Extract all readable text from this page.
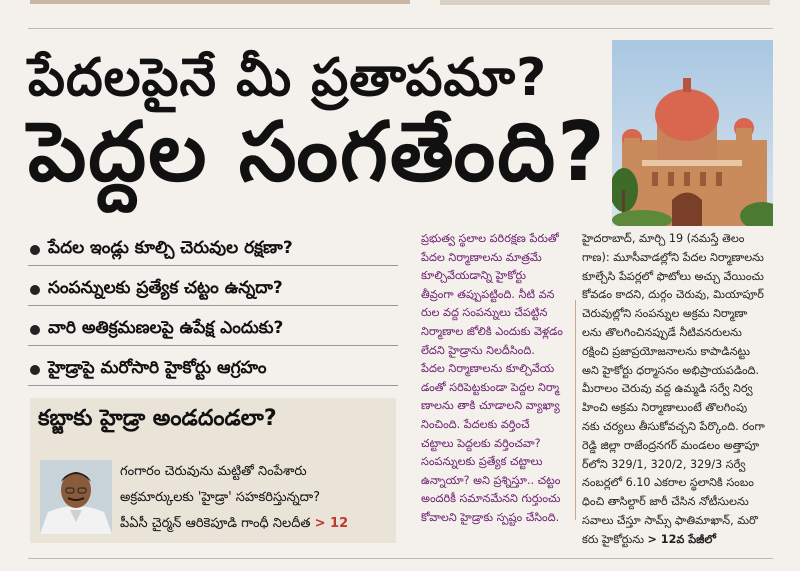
పేదలపైనే మీ ప్రతాపమా?
పెద్దల సంగతేంది?
పేదల ఇండ్లు కూల్చి చెరువుల రక్షణా?
సంపన్నులకు ప్రత్యేక చట్టం ఉన్నదా?
వారి అతిక్రమణలపై ఉపేక్ష ఎందుకు?
హైడ్రాపై మరోసారి హైకోర్టు ఆగ్రహం
కబ్జాకు హైడ్రా అండదండలా?
గంగారం చెరువును మట్టితో నింపేశారు
అక్రమార్కులకు 'హైడ్రా' సహకరిస్తున్నదా?
పీఏసీ చైర్మన్ ఆరికెపూడి గాంధీ నిలదీత > 12
ప్రభుత్వ స్థలాల పరిరక్షణ పేరుతో
పేదల నిర్మాణాలను మాత్రమే
కూల్చివేయడాన్ని హైకోర్టు
తీవ్రంగా తప్పుపట్టింది. నీటి వన
రుల వద్ద సంపన్నులు చేపట్టిన
నిర్మాణాల జోలికి ఎందుకు వెళ్లడం
లేదని హైడ్రాను నిలదీసింది.
పేదల నిర్మాణాలను కూల్చివేయ
డంతో సరిపెట్టకుండా పెద్దల నిర్మా
ణాలను తాకి చూడాలని వ్యాఖ్యా
నించింది. పేదలకు వర్తించే
చట్టాలు పెద్దలకు వర్తించవా?
సంపన్నులకు ప్రత్యేక చట్టాలు
ఉన్నాయా? అని ప్రశ్నిస్తూ.. చట్టం
అందరికీ సమానమేనని గుర్తుంచు
కోవాలని హైడ్రాకు స్పష్టం చేసింది.
హైదరాబాద్, మార్చి 19 (నమస్తే తెలం
గాణ): మూసీవాడల్లోని పేదల నిర్మాణాలను
కూల్చేసి పేపర్లలో ఫొటోలు అచ్చు వేయించు
కోవడం కాదని, దుర్గం చెరువు, మియాపూర్
చెరువుల్లోని సంపన్నుల అక్రమ నిర్మాణా
లను తొలగించినప్పుడే నీటివనరులను
రక్షించి ప్రజాప్రయోజనాలను కాపాడినట్టు
అని హైకోర్టు ధర్మాసనం అభిప్రాయపడింది.
మీరాలం చెరువు వద్ద ఉమ్మడి సర్వే నిర్వ
హించి అక్రమ నిర్మాణాలుంటే తొలగింపు
నకు చర్యలు తీసుకోవచ్చని పేర్కొంది. రంగా
రెడ్డి జిల్లా రాజేంద్రనగర్ మండలం అత్తాపూ
ర్‌లోని 329/1, 320/2, 329/3 సర్వే
నంబర్లలో 6.10 ఎకరాల స్థలానికి సంబం
ధించి తాసిల్దార్ జారీ చేసిన నోటీసులను
సవాలు చేస్తూ సామ్స్ ఫాతిమాఖాన్, మరొ
కరు హైకోర్టును > 12వ పేజీలో
